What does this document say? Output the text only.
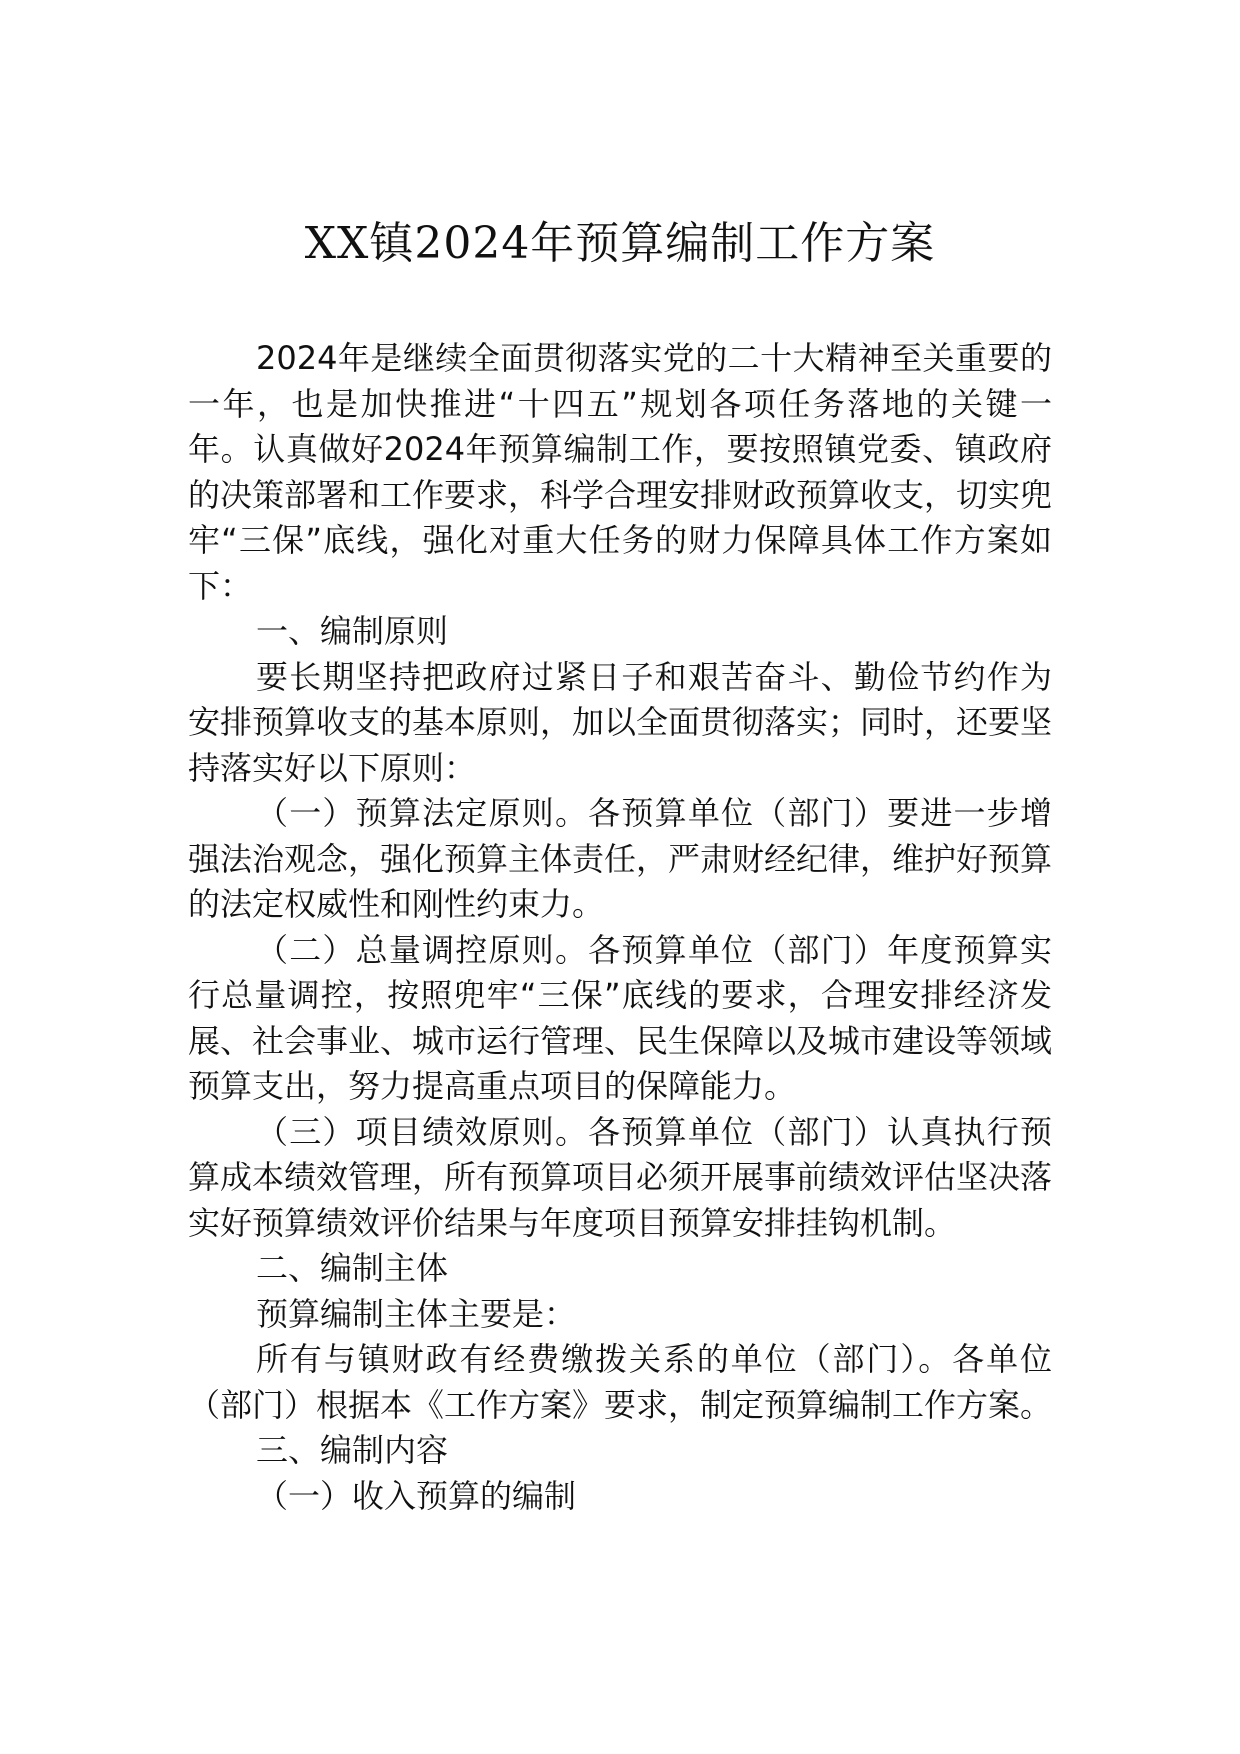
XX镇2024年预算编制工作方案

2024年是继续全面贯彻落实党的二十大精神至关重要的一年，也是加快推进“十四五”规划各项任务落地的关键一年。认真做好2024年预算编制工作，要按照镇党委、镇政府的决策部署和工作要求，科学合理安排财政预算收支，切实兜牢“三保”底线，强化对重大任务的财力保障具体工作方案如下：

一、编制原则

要长期坚持把政府过紧日子和艰苦奋斗、勤俭节约作为安排预算收支的基本原则，加以全面贯彻落实；同时，还要坚持落实好以下原则：

（一）预算法定原则。各预算单位（部门）要进一步增强法治观念，强化预算主体责任，严肃财经纪律，维护好预算的法定权威性和刚性约束力。

（二）总量调控原则。各预算单位（部门）年度预算实行总量调控，按照兜牢“三保”底线的要求，合理安排经济发展、社会事业、城市运行管理、民生保障以及城市建设等领域预算支出，努力提高重点项目的保障能力。

（三）项目绩效原则。各预算单位（部门）认真执行预算成本绩效管理，所有预算项目必须开展事前绩效评估坚决落实好预算绩效评价结果与年度项目预算安排挂钩机制。

二、编制主体

预算编制主体主要是：

所有与镇财政有经费缴拨关系的单位（部门）。各单位（部门）根据本《工作方案》要求，制定预算编制工作方案。

三、编制内容

（一）收入预算的编制
